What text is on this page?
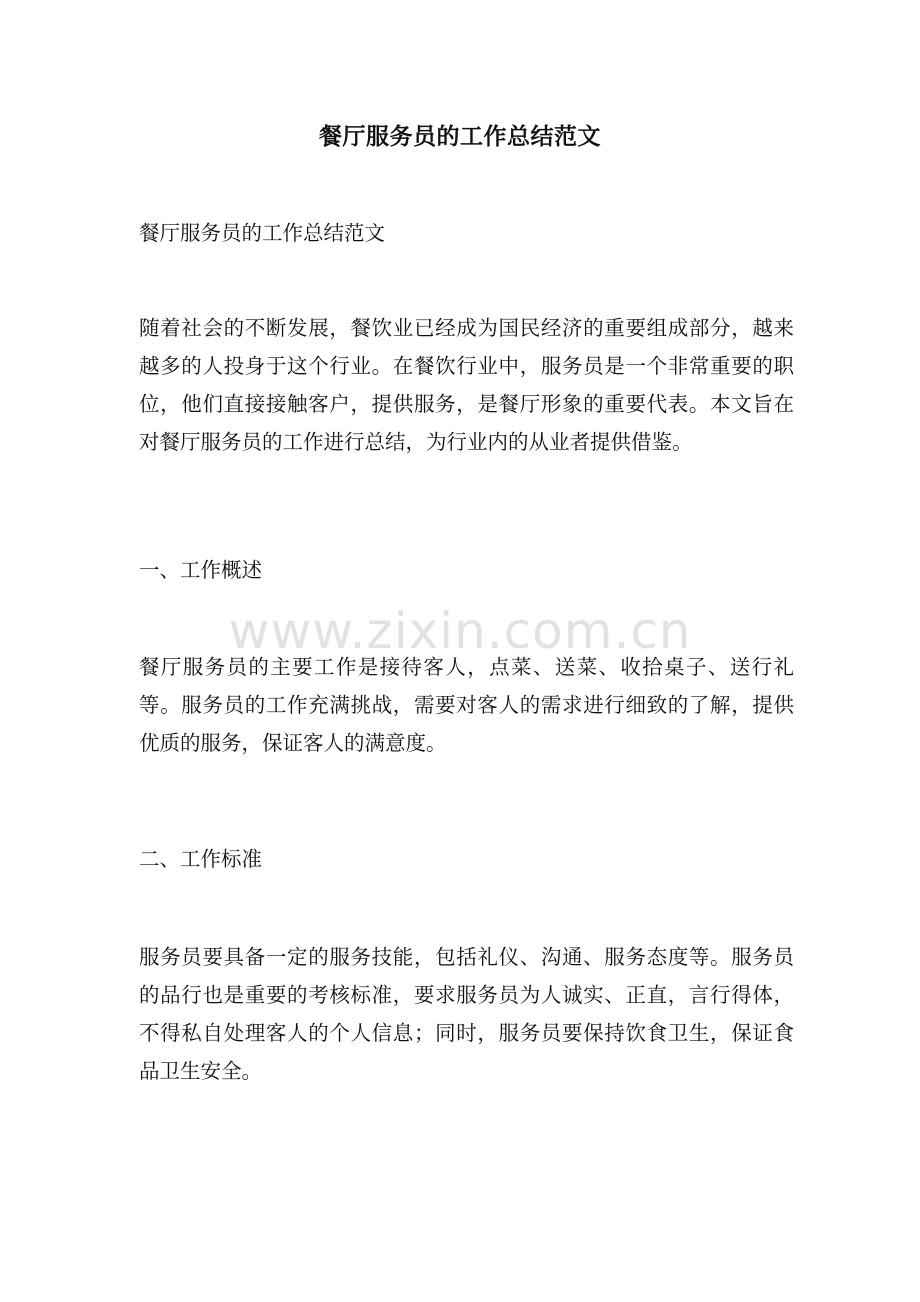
餐厅服务员的工作总结范文
餐厅服务员的工作总结范文
随着社会的不断发展，餐饮业已经成为国民经济的重要组成部分，越来越多的人投身于这个行业。在餐饮行业中，服务员是一个非常重要的职位，他们直接接触客户，提供服务，是餐厅形象的重要代表。本文旨在对餐厅服务员的工作进行总结，为行业内的从业者提供借鉴。
一、工作概述
www.zixin.com.cn
餐厅服务员的主要工作是接待客人，点菜、送菜、收拾桌子、送行礼等。服务员的工作充满挑战，需要对客人的需求进行细致的了解，提供优质的服务，保证客人的满意度。
二、工作标准
服务员要具备一定的服务技能，包括礼仪、沟通、服务态度等。服务员的品行也是重要的考核标准，要求服务员为人诚实、正直，言行得体，不得私自处理客人的个人信息；同时，服务员要保持饮食卫生，保证食品卫生安全。
